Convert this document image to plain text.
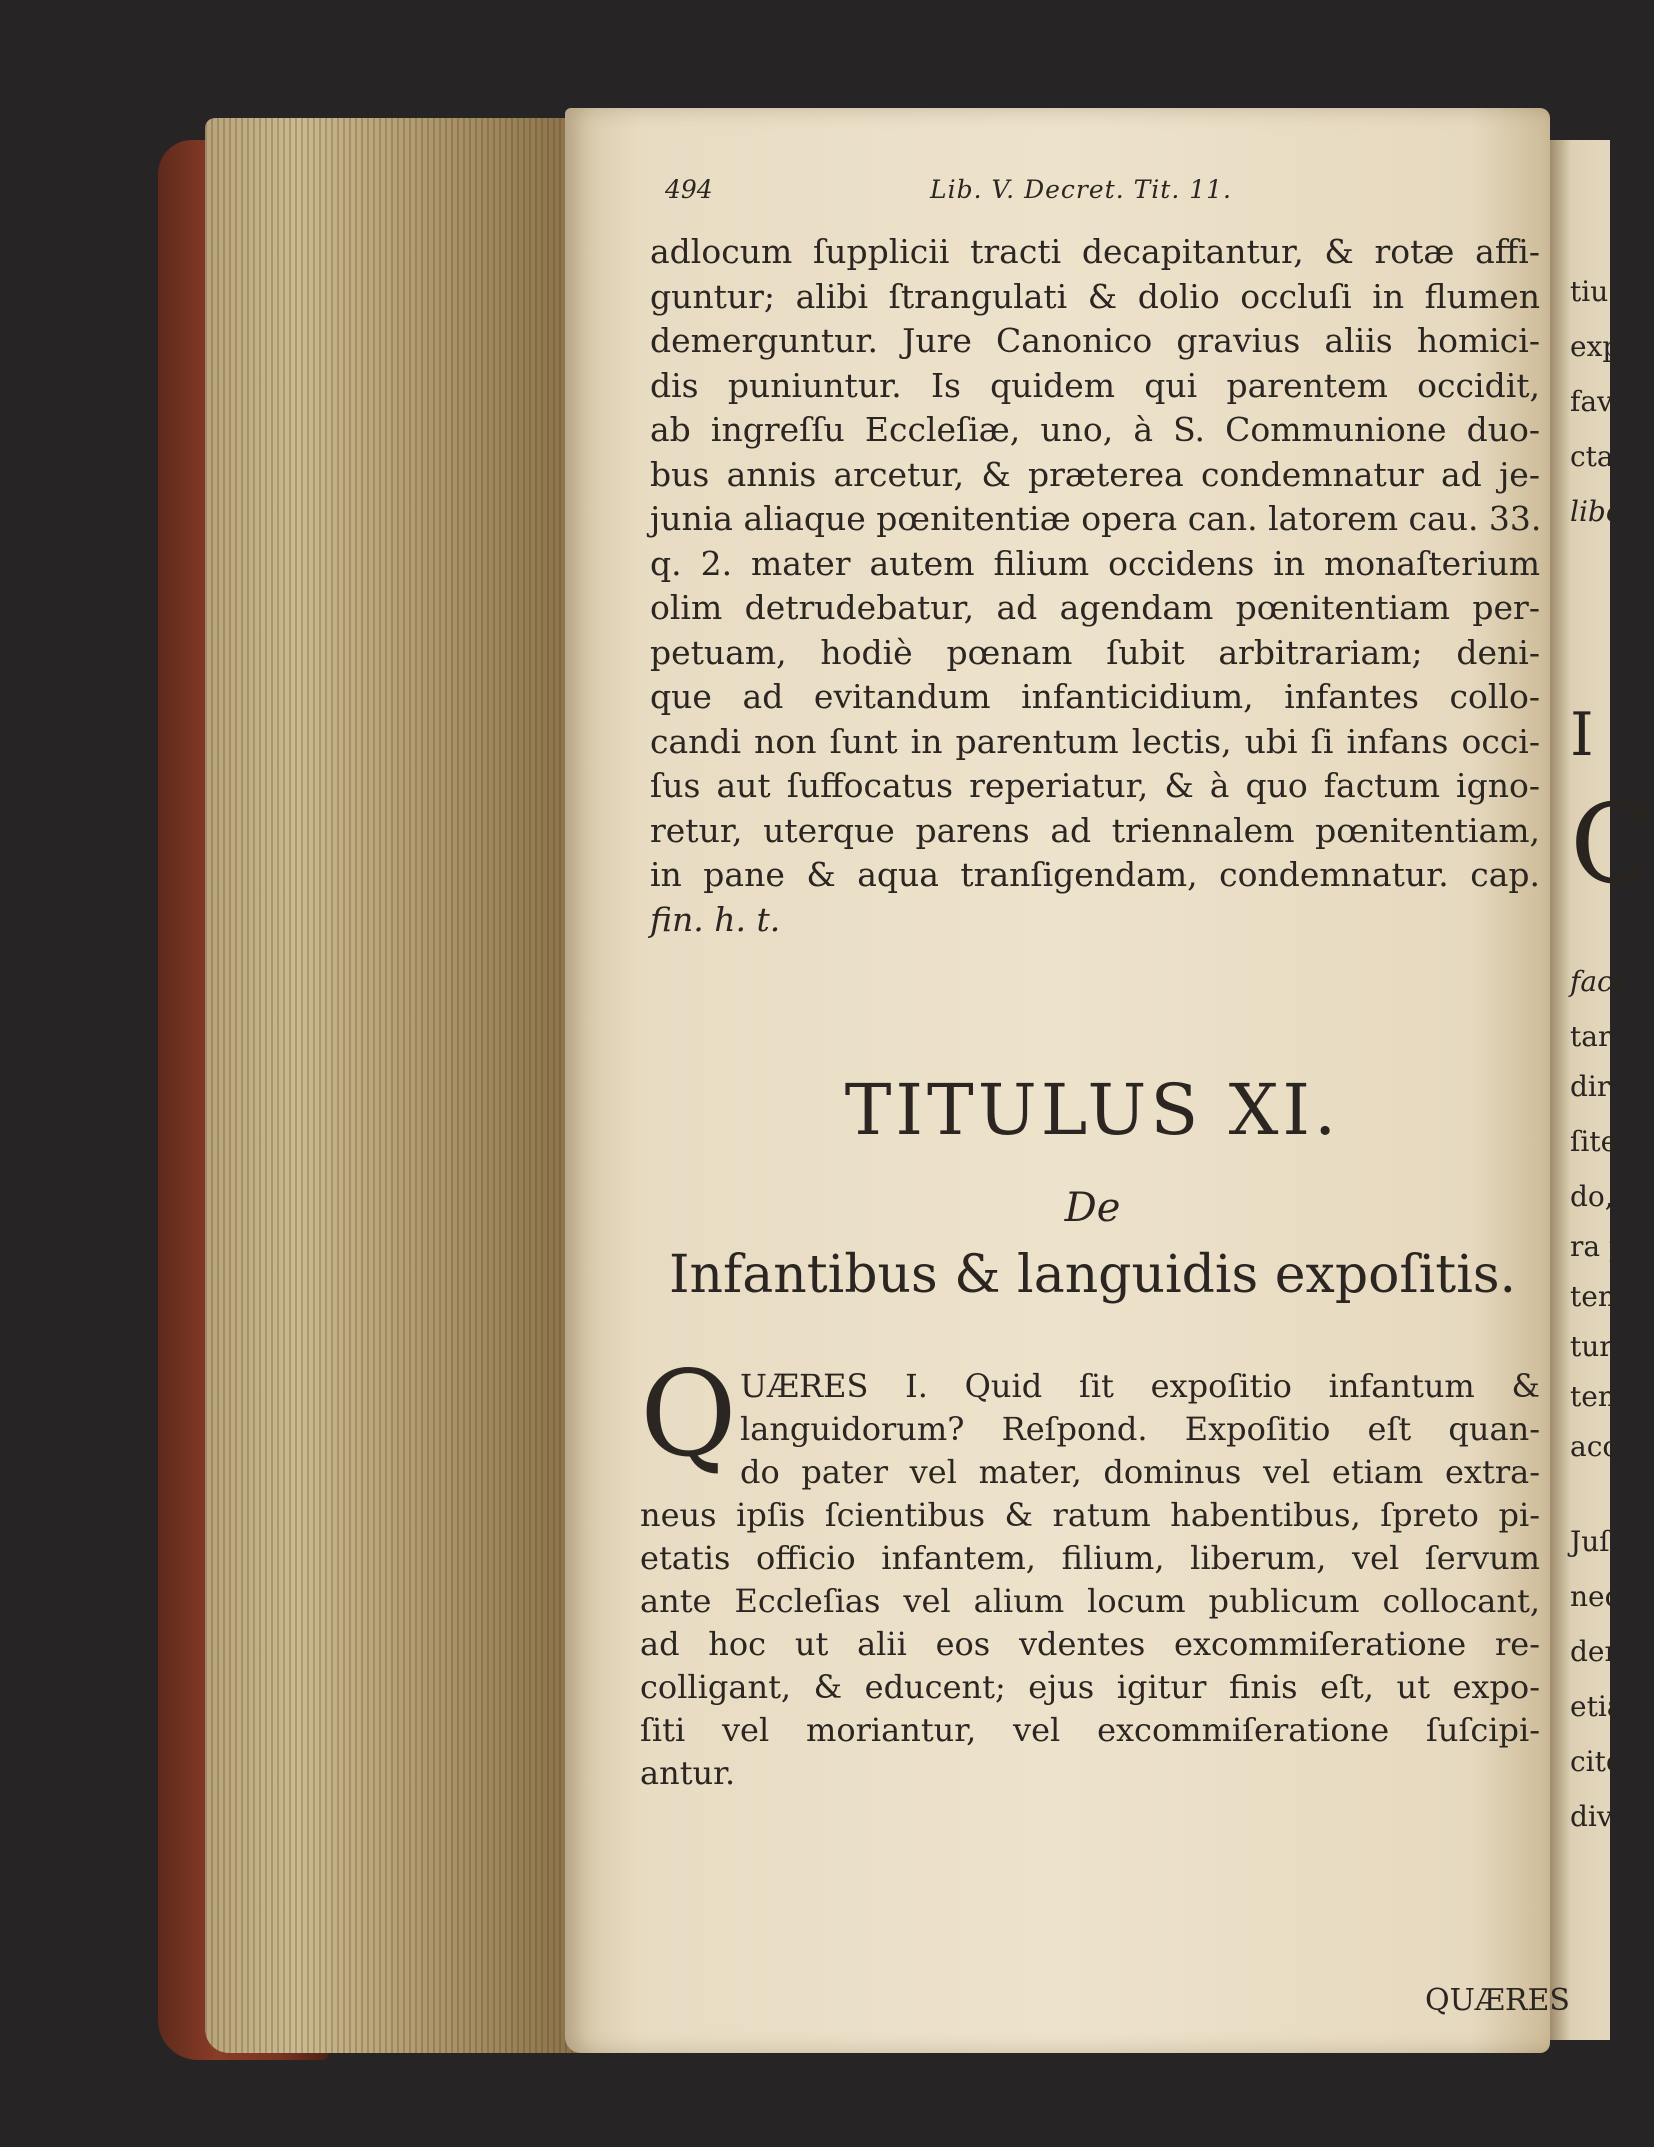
tiu
exp
fav
cta
libe
I
C
fact
tar
dir
ſite
do,
ra p
ten
tur
ten
acc
Juſ
nec
den
etia
cite
div
494	Lib. V. Decret. Tit. 11.
adlocum ſupplicii tracti decapitantur, & rotæ affi-
guntur; alibi ſtrangulati & dolio occluſi in flumen
demerguntur. Jure Canonico gravius aliis homici-
dis puniuntur. Is quidem qui parentem occidit,
ab ingreſſu Eccleſiæ, uno, à S. Communione duo-
bus annis arcetur, & præterea condemnatur ad je-
junia aliaque pœnitentiæ opera can. latorem cau. 33.
q. 2. mater autem filium occidens in monaſterium
olim detrudebatur, ad agendam pœnitentiam per-
petuam, hodiè pœnam ſubit arbitrariam; deni-
que ad evitandum infanticidium, infantes collo-
candi non ſunt in parentum lectis, ubi ſi infans occi-
ſus aut ſuffocatus reperiatur, & à quo factum igno-
retur, uterque parens ad triennalem pœnitentiam,
in pane & aqua tranſigendam, condemnatur. cap.
fin. h. t.
TITULUS XI.
De
Infantibus & languidis expoſitis.
Q UÆRES I. Quid ſit expoſitio infantum &
languidorum? Reſpond. Expoſitio eſt quan-
do pater vel mater, dominus vel etiam extra-
neus ipſis ſcientibus & ratum habentibus, ſpreto pi-
etatis officio infantem, filium, liberum, vel ſervum
ante Eccleſias vel alium locum publicum collocant,
ad hoc ut alii eos vdentes excommiſeratione re-
colligant, & educent; ejus igitur finis eſt, ut expo-
ſiti vel moriantur, vel excommiſeratione ſuſcipi-
antur.
QUÆRES
